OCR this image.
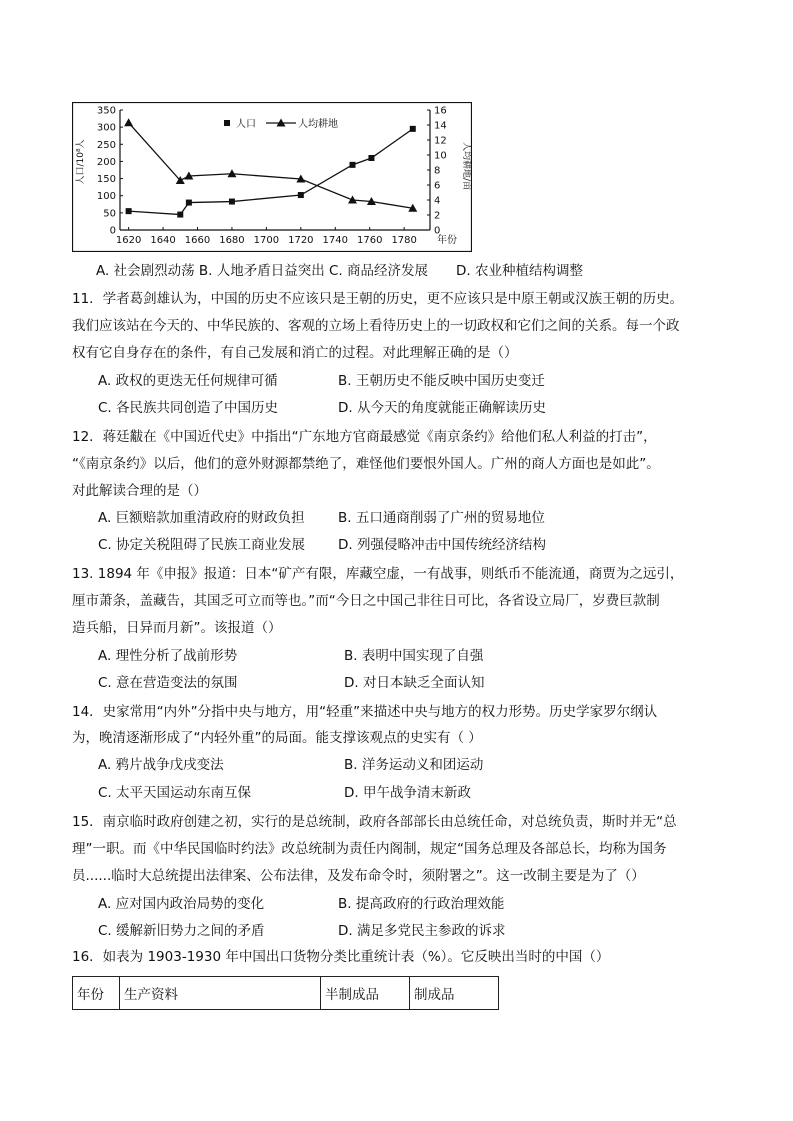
0
50
100
150
200
250
300
350
0
2
4
6
8
10
12
14
16
1620 1640 1660 1680 1700 1720 1740 1760 1780 年份
人口/10⁸人	人均耕地/亩
人口	人均耕地
A. 社会剧烈动荡 B. 人地矛盾日益突出 C. 商品经济发展 D. 农业种植结构调整
11．学者葛剑雄认为，中国的历史不应该只是王朝的历史，更不应该只是中原王朝或汉族王朝的历史。
我们应该站在今天的、中华民族的、客观的立场上看待历史上的一切政权和它们之间的关系。每一个政
权有它自身存在的条件，有自己发展和消亡的过程。对此理解正确的是（）
A. 政权的更迭无任何规律可循	B. 王朝历史不能反映中国历史变迁
C. 各民族共同创造了中国历史	D. 从今天的角度就能正确解读历史
12．蒋廷黻在《中国近代史》中指出“广东地方官商最感觉《南京条约》给他们私人利益的打击”，
“《南京条约》以后，他们的意外财源都禁绝了，难怪他们要恨外国人。广州的商人方面也是如此”。
对此解读合理的是（）
A. 巨额赔款加重清政府的财政负担 B. 五口通商削弱了广州的贸易地位
C. 协定关税阻碍了民族工商业发展 D. 列强侵略冲击中国传统经济结构
13. 1894 年《申报》报道：日本“矿产有限，库藏空虚，一有战事，则纸币不能流通，商贾为之远引，
厘市萧条，盖藏告，其国乏可立而等也。”而“今日之中国己非往日可比，各省设立局厂，岁费巨款制
造兵船，日异而月新”。该报道（）
A. 理性分析了战前形势	B. 表明中国实现了自强
C. 意在营造变法的氛围	D. 对日本缺乏全面认知
14．史家常用“内外”分指中央与地方，用“轻重”来描述中央与地方的权力形势。历史学家罗尔纲认
为，晚清逐渐形成了“内轻外重”的局面。能支撑该观点的史实有（ ）
A. 鸦片战争戊戌变法	B. 洋务运动义和团运动
C. 太平天国运动东南互保	D. 甲午战争清末新政
15．南京临时政府创建之初，实行的是总统制，政府各部部长由总统任命，对总统负责，斯时并无“总
理”一职。而《中华民国临时约法》改总统制为责任内阁制，规定“国务总理及各部总长，均称为国务
员......临时大总统提出法律案、公布法律，及发布命令时，须附署之”。这一改制主要是为了（）
A. 应对国内政治局势的变化	B. 提高政府的行政治理效能
C. 缓解新旧势力之间的矛盾	D. 满足多党民主参政的诉求
16．如表为 1903-1930 年中国出口货物分类比重统计表（%）。它反映出当时的中国（）
年份	生产资料	半制成品	制成品
